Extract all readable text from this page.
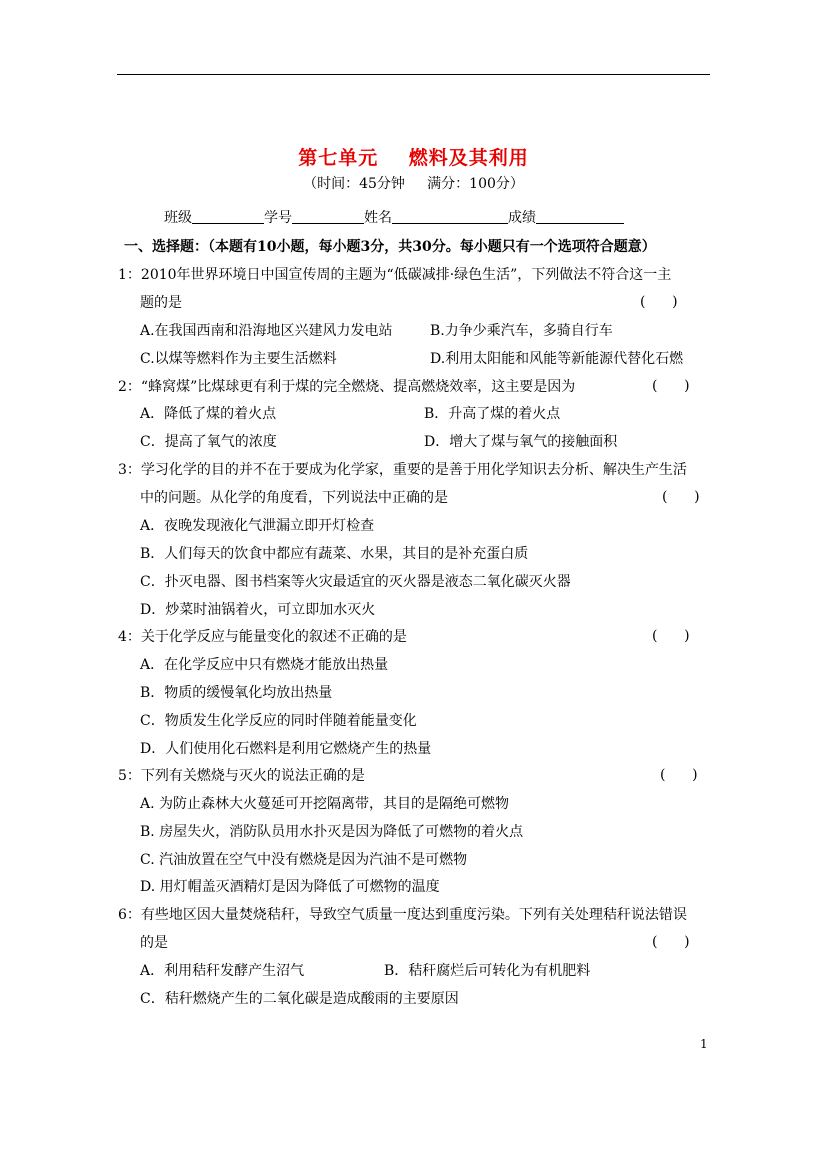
第七单元    燃料及其利用
（时间：45分钟     满分：100分）
班级	学号	姓名	成绩
一、选择题：（本题有10小题，每小题3分，共30分。每小题只有一个选项符合题意）
1：2010年世界环境日中国宣传周的主题为“低碳减排·绿色生活”，下列做法不符合这一主
题的是	(      )
A.在我国西南和沿海地区兴建风力发电站	B.力争少乘汽车，多骑自行车
C.以煤等燃料作为主要生活燃料	D.利用太阳能和风能等新能源代替化石燃
2：“蜂窝煤”比煤球更有利于煤的完全燃烧、提高燃烧效率，这主要是因为	(      )
A．降低了煤的着火点	B．升高了煤的着火点
C．提高了氧气的浓度	D．增大了煤与氧气的接触面积
3：学习化学的目的并不在于要成为化学家，重要的是善于用化学知识去分析、解决生产生活
中的问题。从化学的角度看，下列说法中正确的是	(      )
A．夜晚发现液化气泄漏立即开灯检查
B．人们每天的饮食中都应有蔬菜、水果，其目的是补充蛋白质
C．扑灭电器、图书档案等火灾最适宜的灭火器是液态二氧化碳灭火器
D．炒菜时油锅着火，可立即加水灭火
4：关于化学反应与能量变化的叙述不正确的是	(      )
A．在化学反应中只有燃烧才能放出热量
B．物质的缓慢氧化均放出热量
C．物质发生化学反应的同时伴随着能量变化
D．人们使用化石燃料是利用它燃烧产生的热量
5：下列有关燃烧与灭火的说法正确的是	(      )
A. 为防止森林大火蔓延可开挖隔离带，其目的是隔绝可燃物
B. 房屋失火，消防队员用水扑灭是因为降低了可燃物的着火点
C. 汽油放置在空气中没有燃烧是因为汽油不是可燃物
D. 用灯帽盖灭酒精灯是因为降低了可燃物的温度
6：有些地区因大量焚烧秸秆，导致空气质量一度达到重度污染。下列有关处理秸秆说法错误
的是	(      )
A．利用秸秆发酵产生沼气	B．秸秆腐烂后可转化为有机肥料
C．秸秆燃烧产生的二氧化碳是造成酸雨的主要原因
1
